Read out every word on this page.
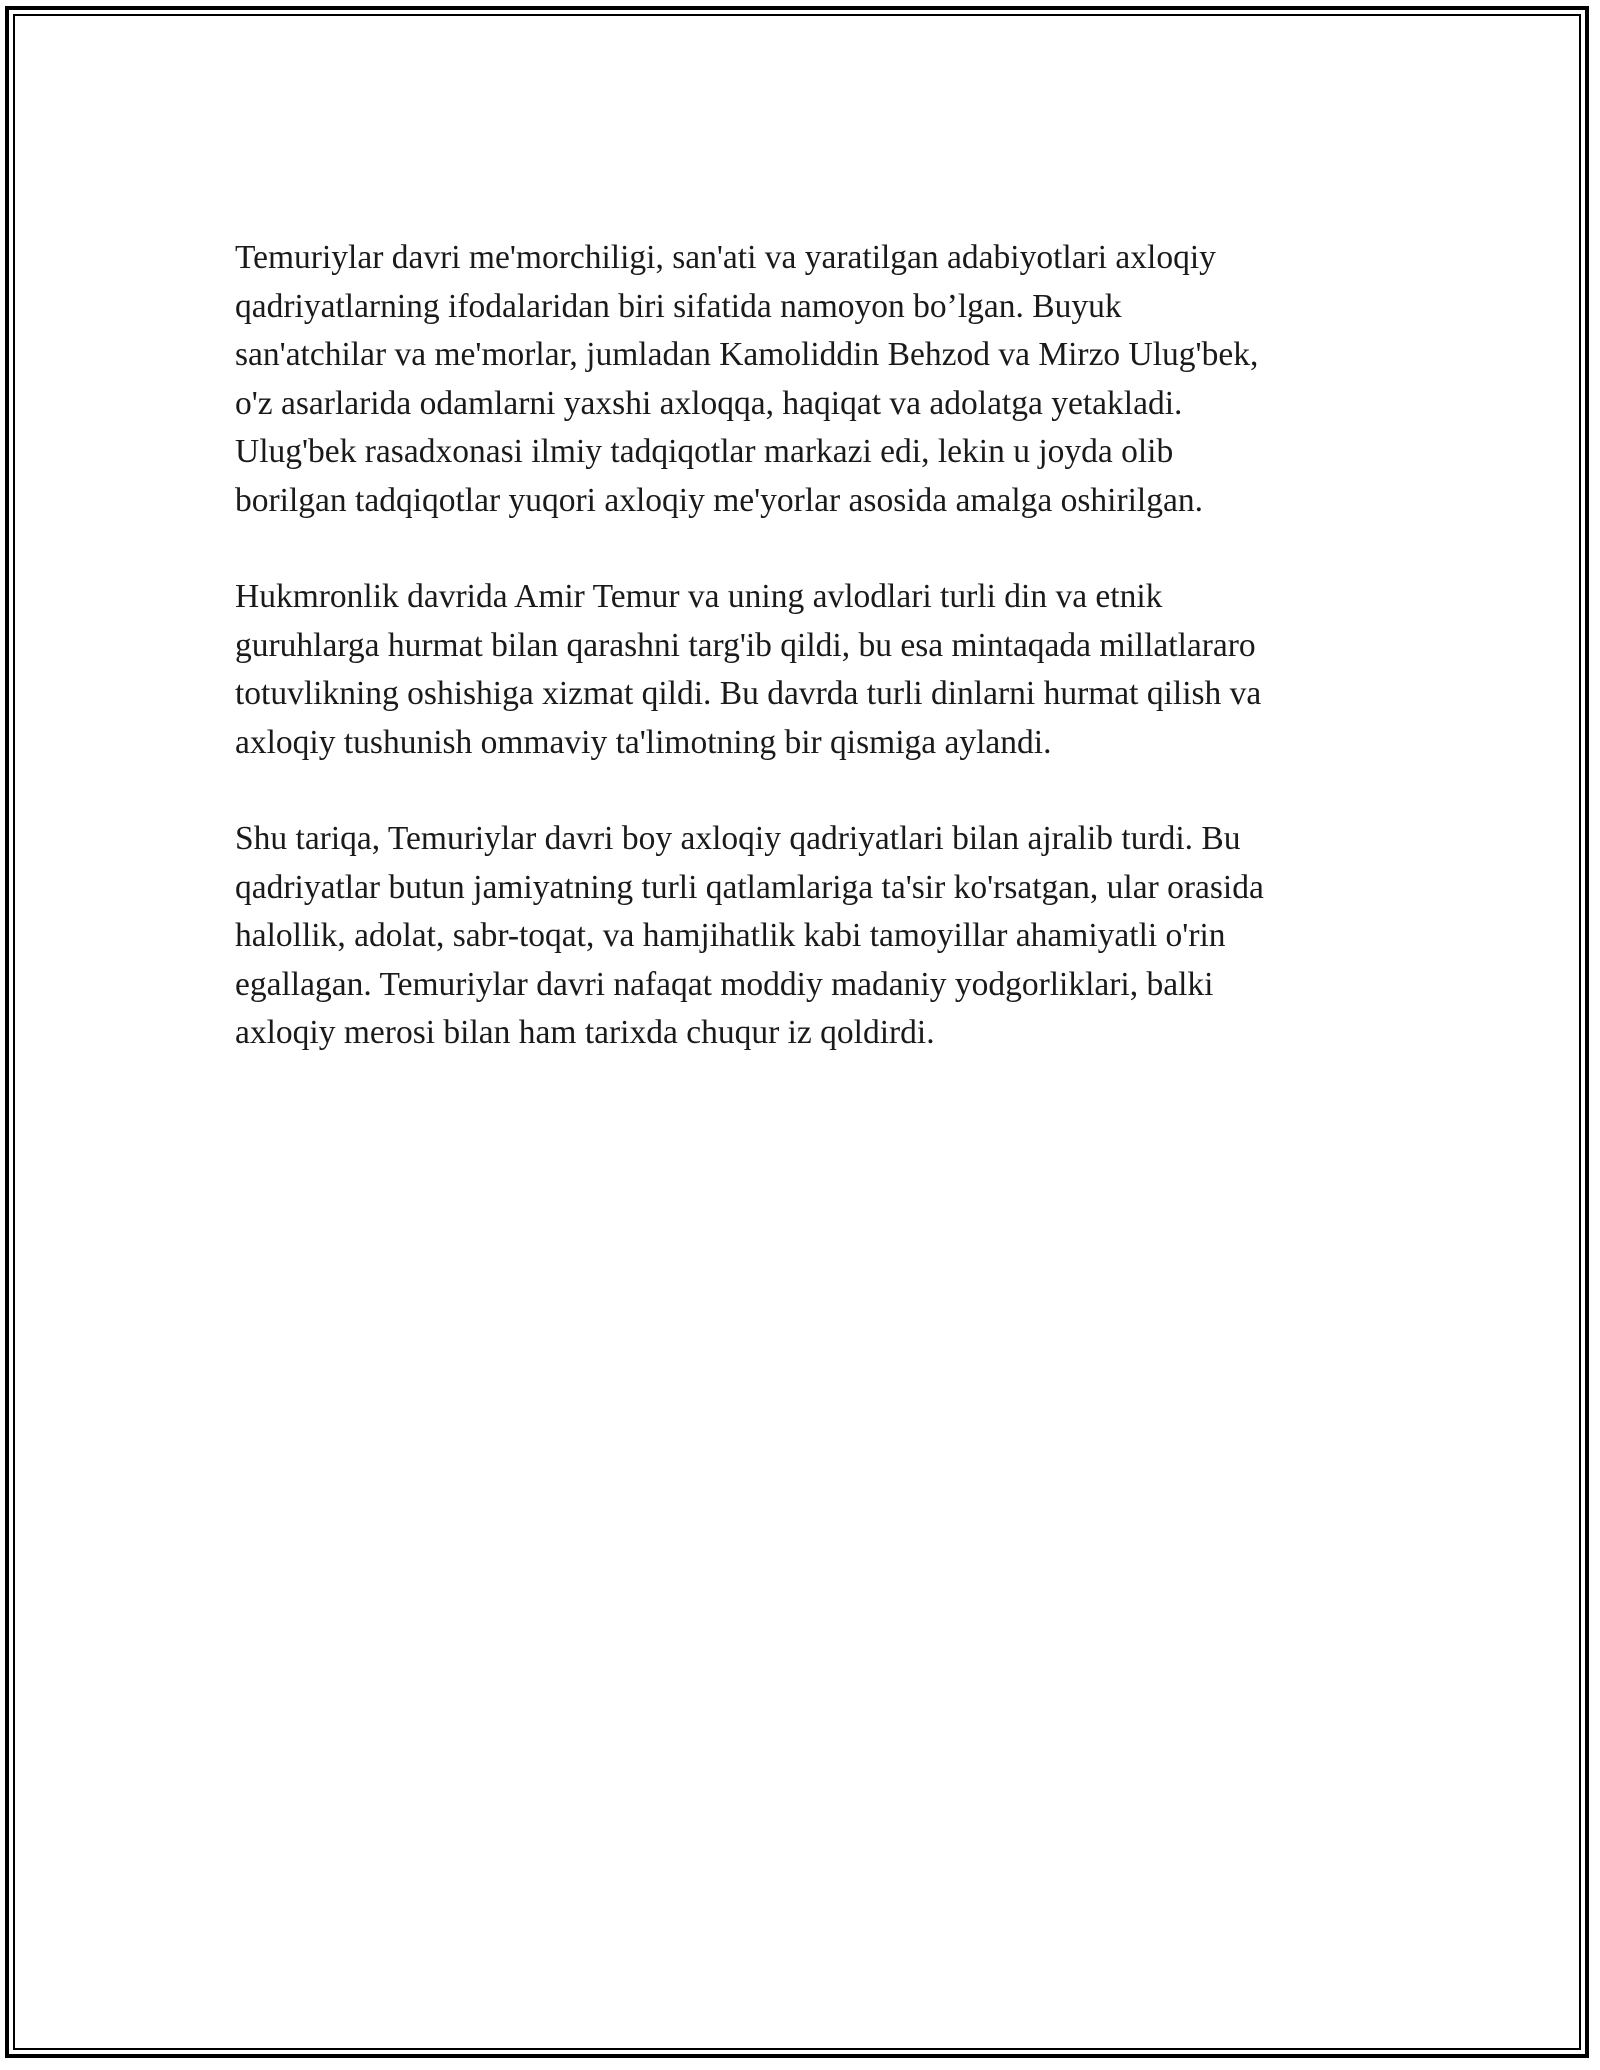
Temuriylar davri me'morchiligi, san'ati va yaratilgan adabiyotlari axloqiy
qadriyatlarning ifodalaridan biri sifatida namoyon bo’lgan. Buyuk
san'atchilar va me'morlar, jumladan Kamoliddin Behzod va Mirzo Ulug'bek,
o'z asarlarida odamlarni yaxshi axloqqa, haqiqat va adolatga yetakladi.
Ulug'bek rasadxonasi ilmiy tadqiqotlar markazi edi, lekin u joyda olib
borilgan tadqiqotlar yuqori axloqiy me'yorlar asosida amalga oshirilgan.

Hukmronlik davrida Amir Temur va uning avlodlari turli din va etnik
guruhlarga hurmat bilan qarashni targ'ib qildi, bu esa mintaqada millatlararo
totuvlikning oshishiga xizmat qildi. Bu davrda turli dinlarni hurmat qilish va
axloqiy tushunish ommaviy ta'limotning bir qismiga aylandi.

Shu tariqa, Temuriylar davri boy axloqiy qadriyatlari bilan ajralib turdi. Bu
qadriyatlar butun jamiyatning turli qatlamlariga ta'sir ko'rsatgan, ular orasida
halollik, adolat, sabr-toqat, va hamjihatlik kabi tamoyillar ahamiyatli o'rin
egallagan. Temuriylar davri nafaqat moddiy madaniy yodgorliklari, balki
axloqiy merosi bilan ham tarixda chuqur iz qoldirdi.
